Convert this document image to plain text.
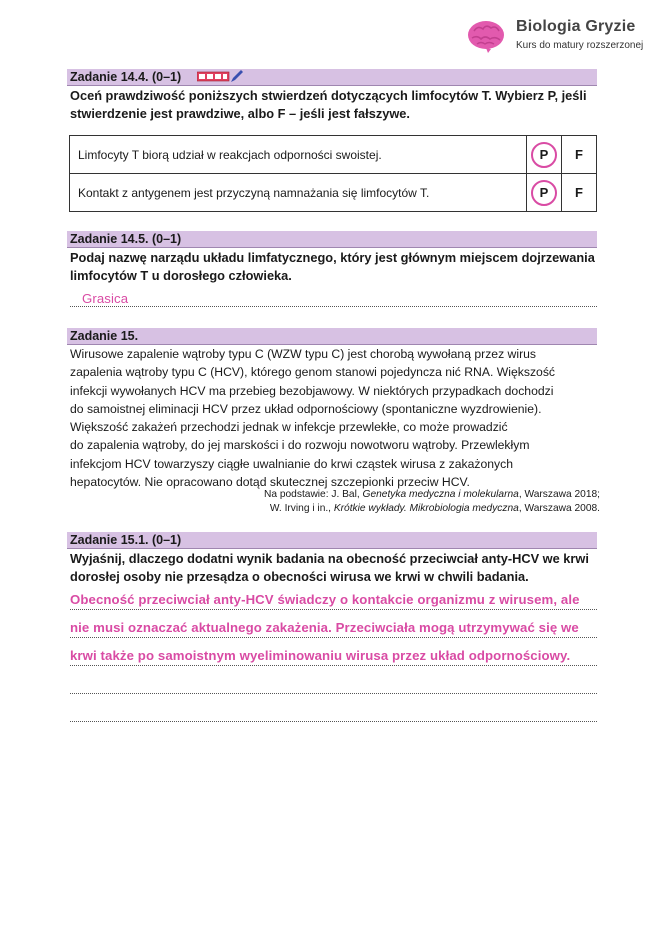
Biologia Gryzie
Kurs do matury rozszerzonej
Zadanie 14.4. (0–1)
Oceń prawdziwość poniższych stwierdzeń dotyczących limfocytów T. Wybierz P, jeśli
stwierdzenie jest prawdziwe, albo F – jeśli jest fałszywe.
Limfocyty T biorą udział w reakcjach odporności swoistej.	P	F
Kontakt z antygenem jest przyczyną namnażania się limfocytów T.	P	F
Zadanie 14.5. (0–1)
Podaj nazwę narządu układu limfatycznego, który jest głównym miejscem dojrzewania
limfocytów T u dorosłego człowieka.
Grasica
Zadanie 15.
Wirusowe zapalenie wątroby typu C (WZW typu C) jest chorobą wywołaną przez wirus
zapalenia wątroby typu C (HCV), którego genom stanowi pojedyncza nić RNA. Większość
infekcji wywołanych HCV ma przebieg bezobjawowy. W niektórych przypadkach dochodzi
do samoistnej eliminacji HCV przez układ odpornościowy (spontaniczne wyzdrowienie).
Większość zakażeń przechodzi jednak w infekcje przewlekłe, co może prowadzić
do zapalenia wątroby, do jej marskości i do rozwoju nowotworu wątroby. Przewlekłym
infekcjom HCV towarzyszy ciągłe uwalnianie do krwi cząstek wirusa z zakażonych
hepatocytów. Nie opracowano dotąd skutecznej szczepionki przeciw HCV.
Na podstawie: J. Bal, Genetyka medyczna i molekularna, Warszawa 2018;
W. Irving i in., Krótkie wykłady. Mikrobiologia medyczna, Warszawa 2008.
Zadanie 15.1. (0–1)
Wyjaśnij, dlaczego dodatni wynik badania na obecność przeciwciał anty-HCV we krwi
dorosłej osoby nie przesądza o obecności wirusa we krwi w chwili badania.
Obecność przeciwciał anty-HCV świadczy o kontakcie organizmu z wirusem, ale
nie musi oznaczać aktualnego zakażenia. Przeciwciała mogą utrzymywać się we
krwi także po samoistnym wyeliminowaniu wirusa przez układ odpornościowy.
